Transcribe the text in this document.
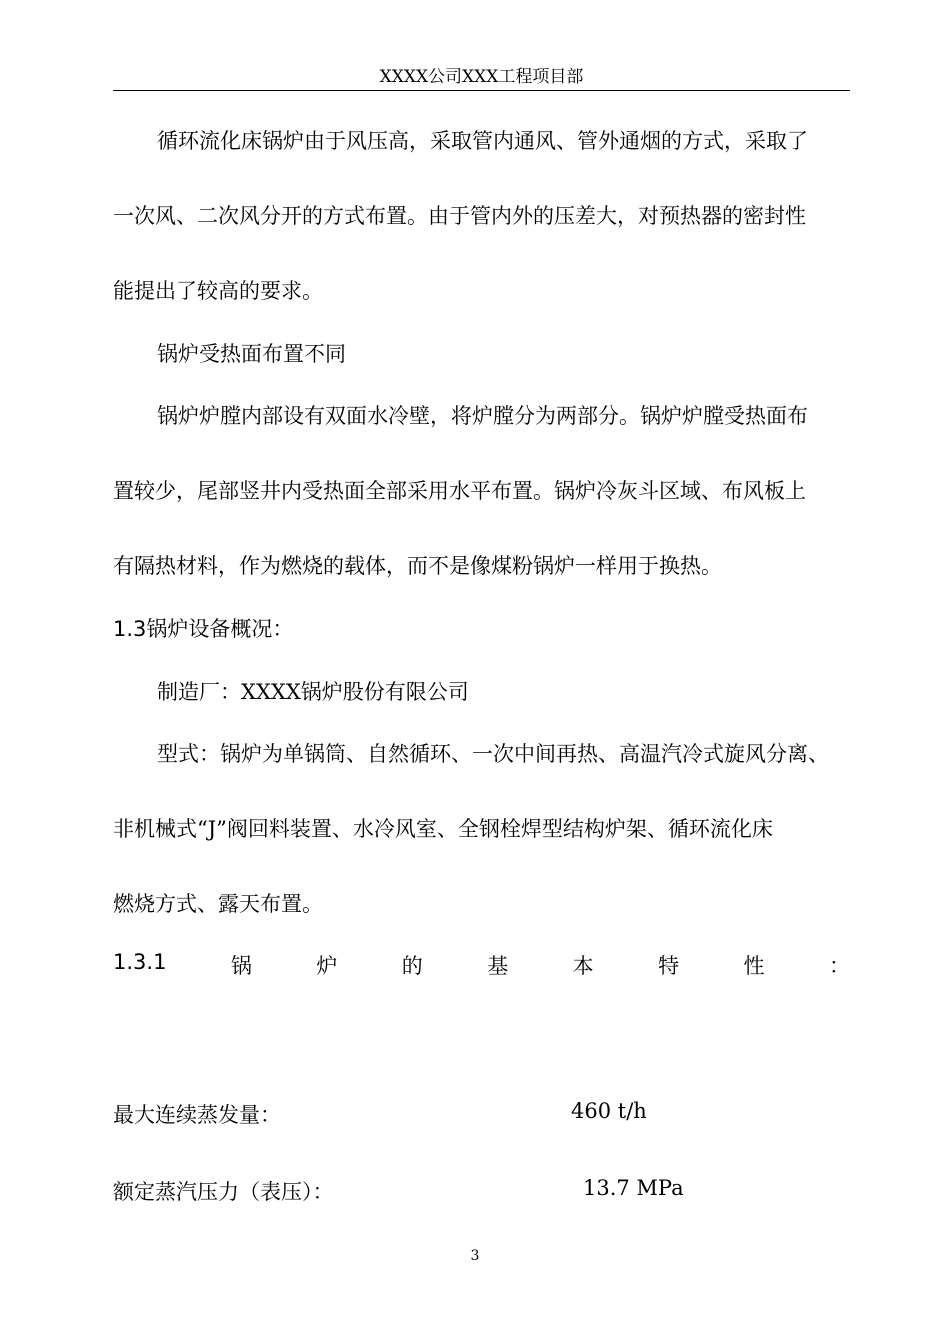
XXXX公司XXX工程项目部
循环流化床锅炉由于风压高，采取管内通风、管外通烟的方式，采取了
一次风、二次风分开的方式布置。由于管内外的压差大，对预热器的密封性
能提出了较高的要求。
锅炉受热面布置不同
锅炉炉膛内部设有双面水冷壁，将炉膛分为两部分。锅炉炉膛受热面布
置较少，尾部竖井内受热面全部采用水平布置。锅炉冷灰斗区域、布风板上
有隔热材料，作为燃烧的载体，而不是像煤粉锅炉一样用于换热。
1.3锅炉设备概况：
制造厂：XXXX锅炉股份有限公司
型式：锅炉为单锅筒、自然循环、一次中间再热、高温汽冷式旋风分离、
非机械式“J”阀回料装置、水冷风室、全钢栓焊型结构炉架、循环流化床
燃烧方式、露天布置。
1.3.1	锅	炉	的	基	本	特	性	：
最大连续蒸发量：	460 t/h
额定蒸汽压力（表压）：	13.7 MPa
3
